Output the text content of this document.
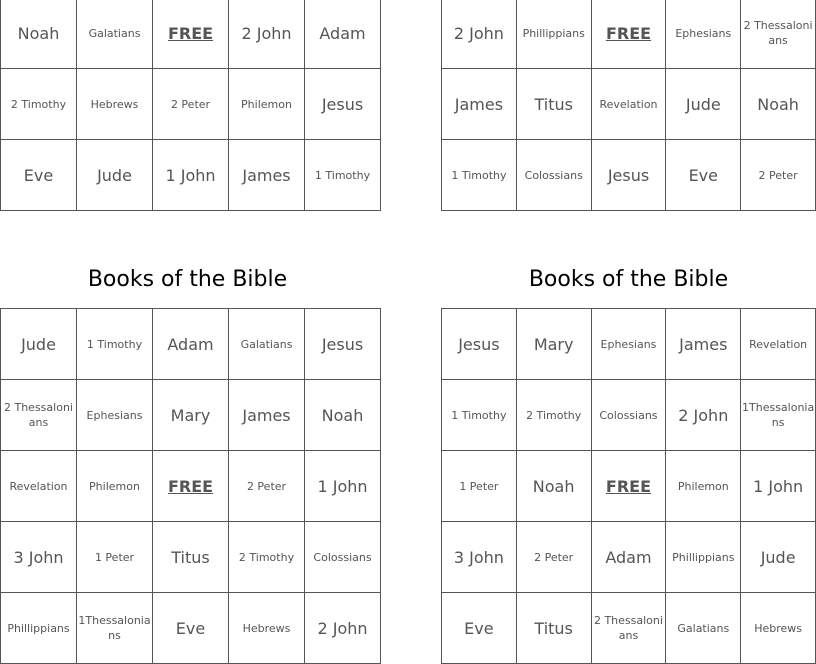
Noah	Galatians	FREE	2 John	Adam
2 Timothy	Hebrews	2 Peter	Philemon	Jesus
Eve	Jude	1 John	James	1 Timothy
2 John	Phillippians	FREE	Ephesians	2 Thessalonians
James	Titus	Revelation	Jude	Noah
1 Timothy	Colossians	Jesus	Eve	2 Peter
Books of the Bible	Books of the Bible
Jude	1 Timothy	Adam	Galatians	Jesus
2 Thessalonians	Ephesians	Mary	James	Noah
Revelation	Philemon	FREE	2 Peter	1 John
3 John	1 Peter	Titus	2 Timothy	Colossians
Phillippians	1Thessalonians	Eve	Hebrews	2 John
Jesus	Mary	Ephesians	James	Revelation
1 Timothy	2 Timothy	Colossians	2 John	1Thessalonians
1 Peter	Noah	FREE	Philemon	1 John
3 John	2 Peter	Adam	Phillippians	Jude
Eve	Titus	2 Thessalonians	Galatians	Hebrews
